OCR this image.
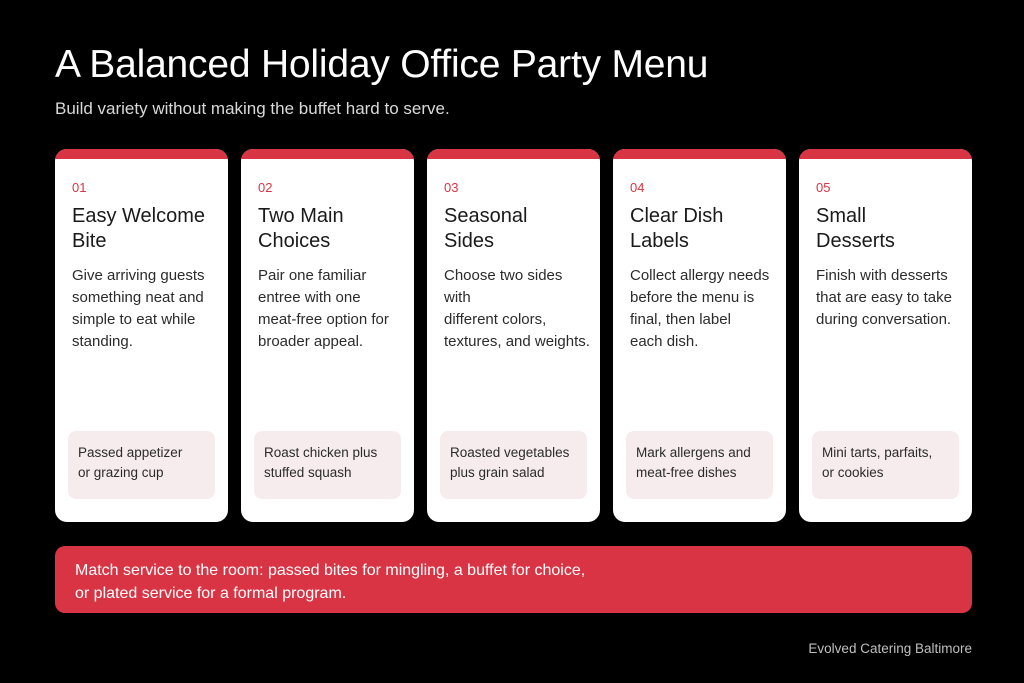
A Balanced Holiday Office Party Menu

Build variety without making the buffet hard to serve.

01
Easy Welcome
Bite
Give arriving guests
something neat and
simple to eat while
standing.
Passed appetizer
or grazing cup
02
Two Main
Choices
Pair one familiar
entree with one
meat-free option for
broader appeal.
Roast chicken plus
stuffed squash
03
Seasonal
Sides
Choose two sides with
different colors,
textures, and weights.
Roasted vegetables
plus grain salad
04
Clear Dish
Labels
Collect allergy needs
before the menu is
final, then label
each dish.
Mark allergens and
meat-free dishes
05
Small
Desserts
Finish with desserts
that are easy to take
during conversation.
Mini tarts, parfaits,
or cookies
Match service to the room: passed bites for mingling, a buffet for choice,
or plated service for a formal program.
Evolved Catering Baltimore
